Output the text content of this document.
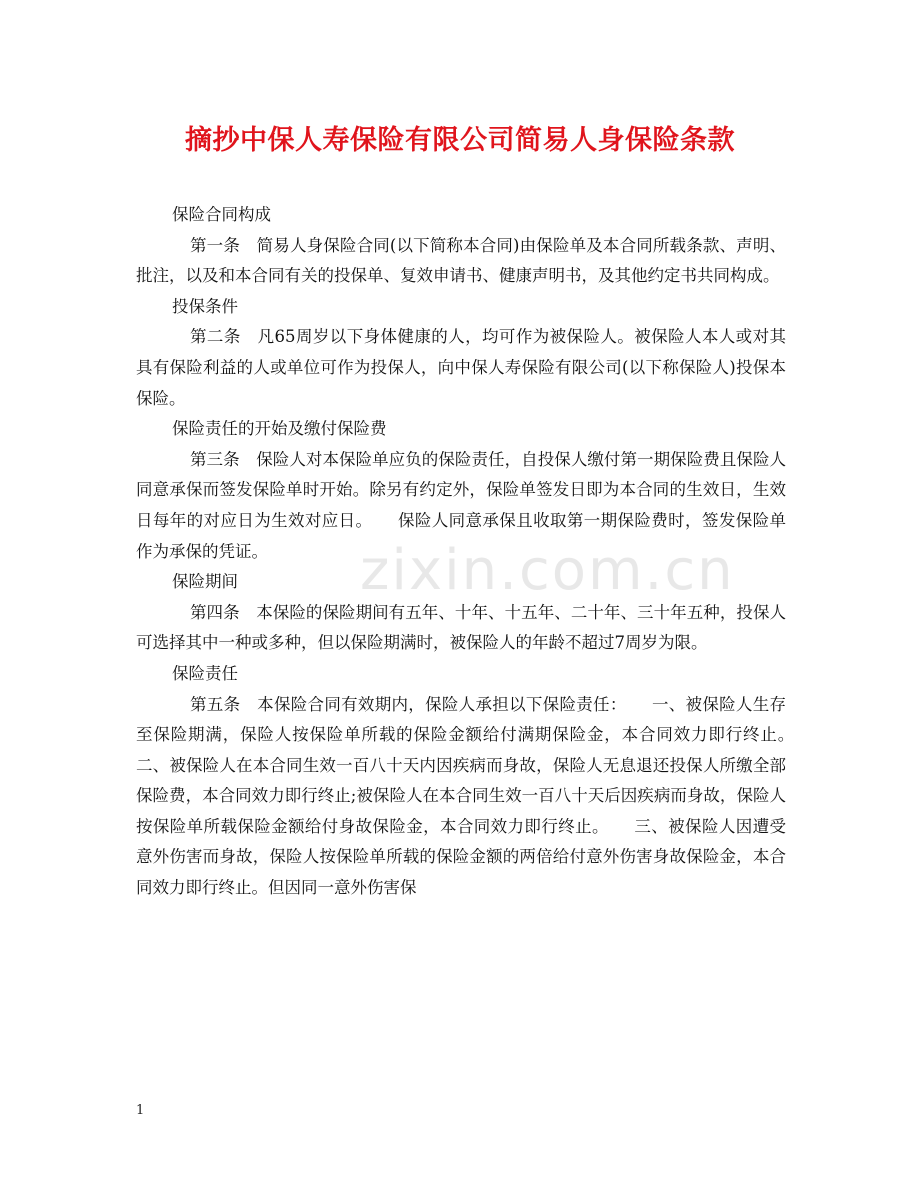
摘抄中保人寿保险有限公司简易人身保险条款

保险合同构成

第一条　简易人身保险合同(以下简称本合同)由保险单及本合同所载条款、声明、批注，以及和本合同有关的投保单、复效申请书、健康声明书，及其他约定书共同构成。

投保条件

第二条　凡65周岁以下身体健康的人，均可作为被保险人。被保险人本人或对其具有保险利益的人或单位可作为投保人，向中保人寿保险有限公司(以下称保险人)投保本保险。

保险责任的开始及缴付保险费

第三条　保险人对本保险单应负的保险责任，自投保人缴付第一期保险费且保险人同意承保而签发保险单时开始。除另有约定外，保险单签发日即为本合同的生效日，生效日每年的对应日为生效对应日。　　保险人同意承保且收取第一期保险费时，签发保险单作为承保的凭证。

保险期间

第四条　本保险的保险期间有五年、十年、十五年、二十年、三十年五种，投保人可选择其中一种或多种，但以保险期满时，被保险人的年龄不超过7周岁为限。

保险责任

第五条　本保险合同有效期内，保险人承担以下保险责任：　　一、被保险人生存至保险期满，保险人按保险单所载的保险金额给付满期保险金，本合同效力即行终止。　　二、被保险人在本合同生效一百八十天内因疾病而身故，保险人无息退还投保人所缴全部保险费，本合同效力即行终止;被保险人在本合同生效一百八十天后因疾病而身故，保险人按保险单所载保险金额给付身故保险金，本合同效力即行终止。　　三、被保险人因遭受意外伤害而身故，保险人按保险单所载的保险金额的两倍给付意外伤害身故保险金，本合同效力即行终止。但因同一意外伤害保

zixin.com.cn
1
